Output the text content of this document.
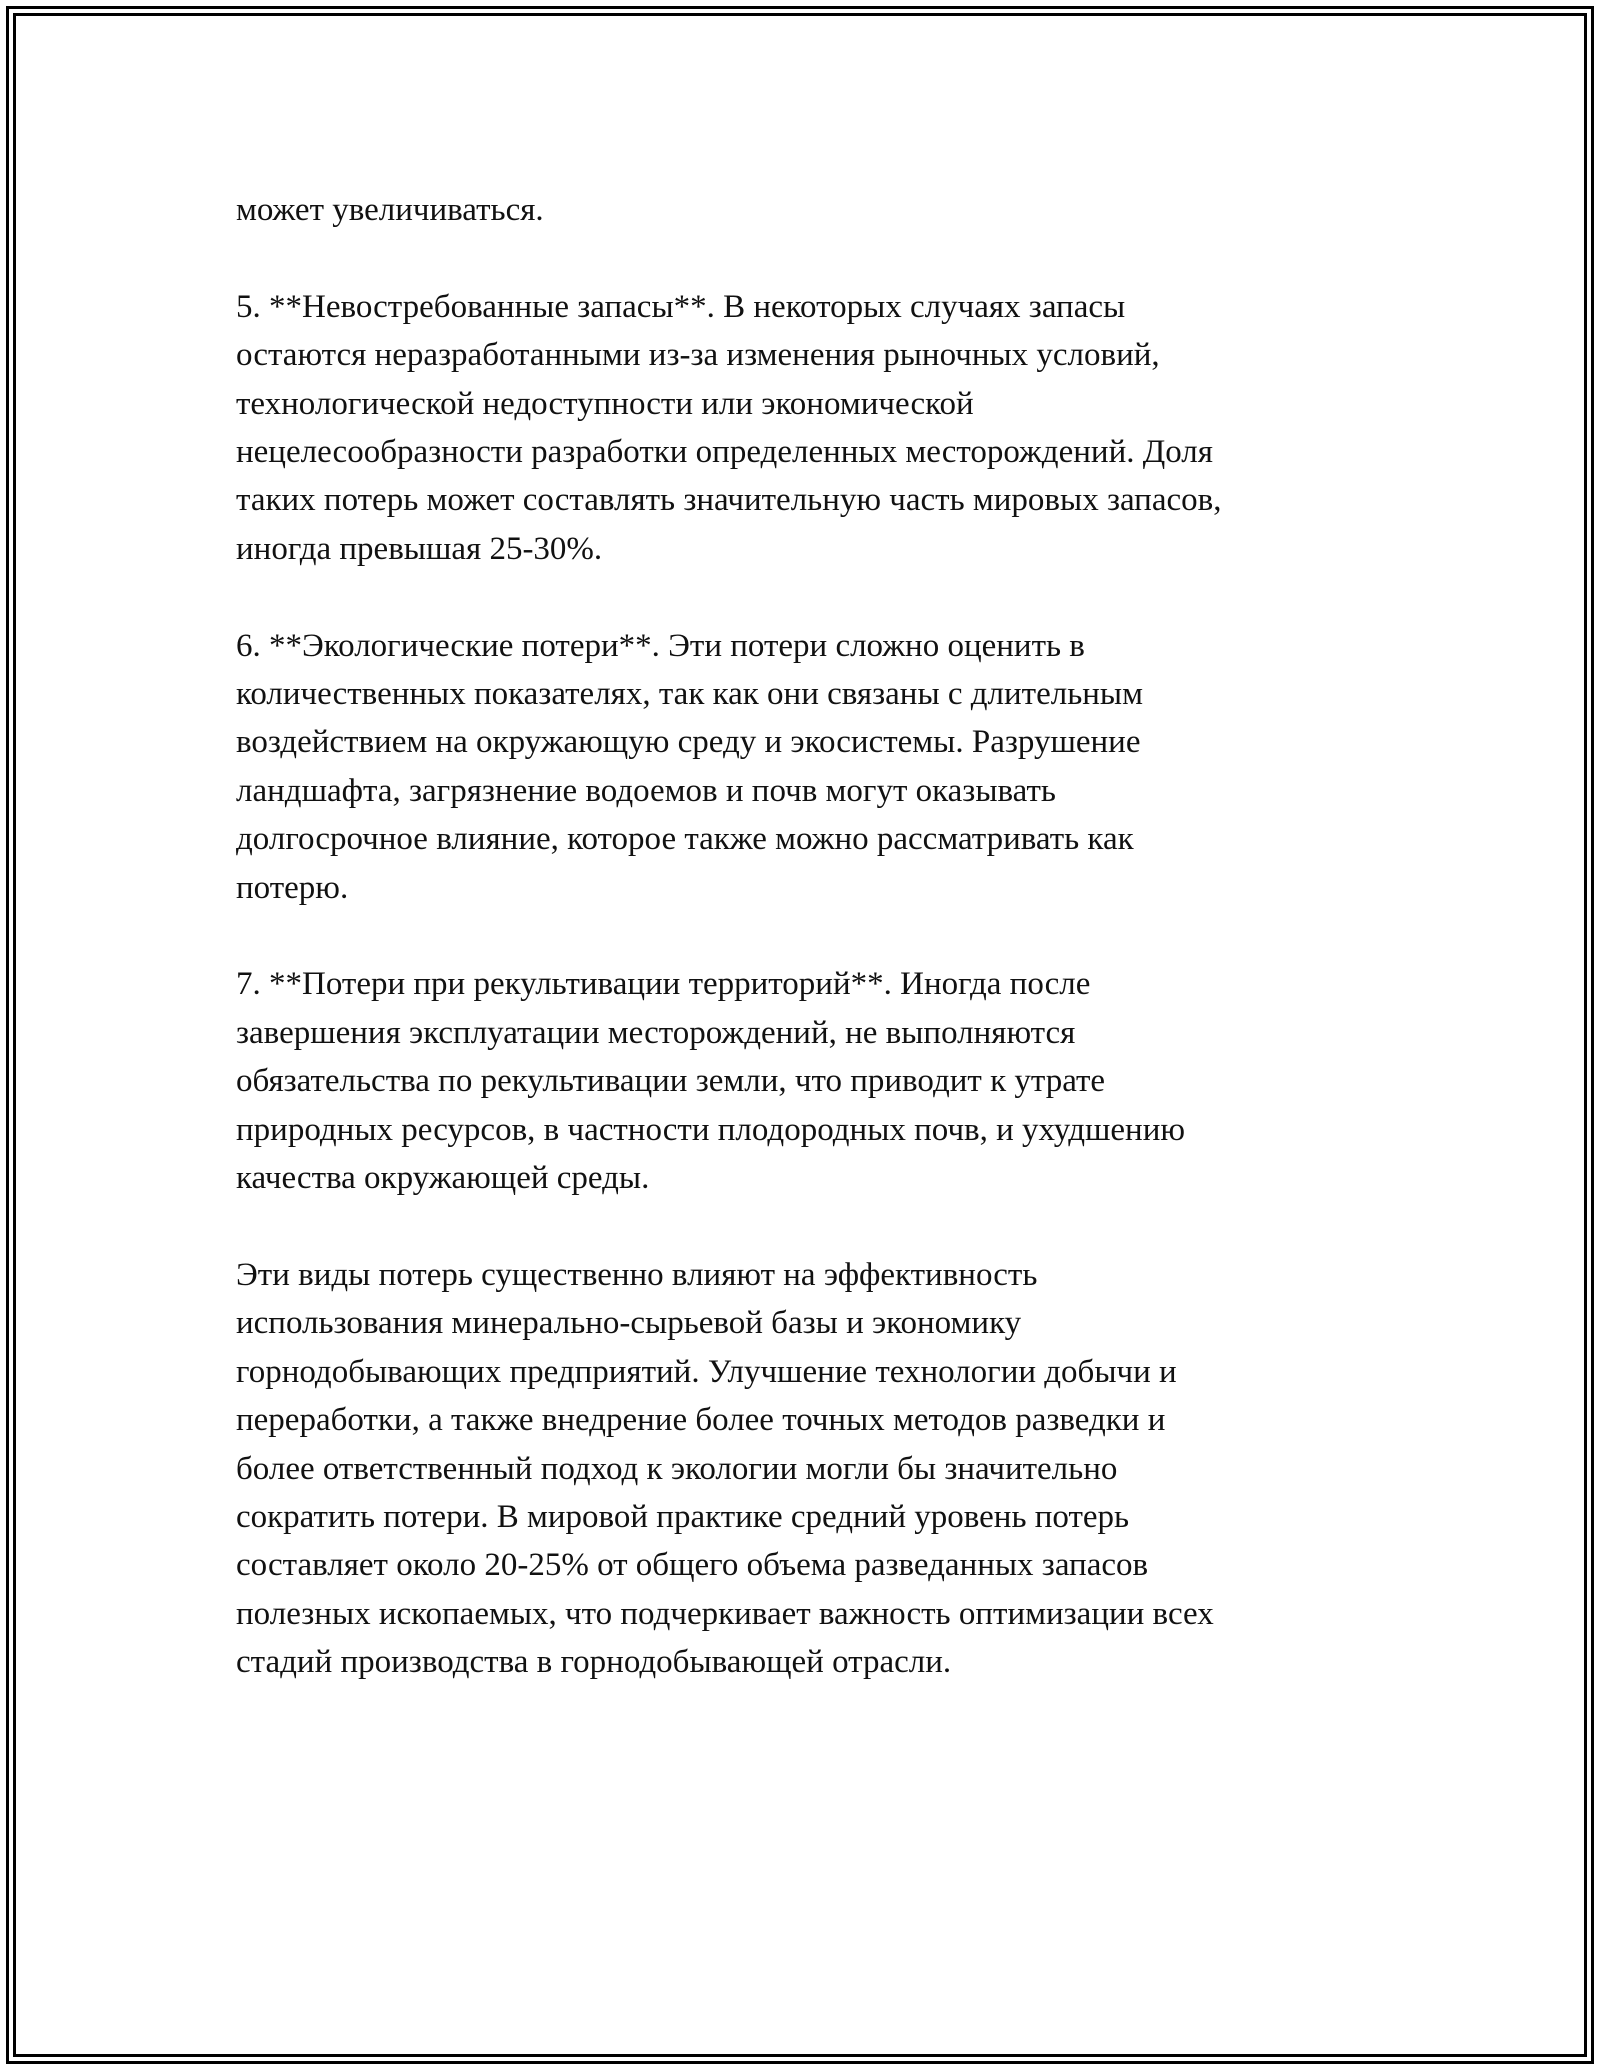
может увеличиваться.

5. **Невостребованные запасы**. В некоторых случаях запасы
остаются неразработанными из-за изменения рыночных условий,
технологической недоступности или экономической
нецелесообразности разработки определенных месторождений. Доля
таких потерь может составлять значительную часть мировых запасов,
иногда превышая 25-30%.

6. **Экологические потери**. Эти потери сложно оценить в
количественных показателях, так как они связаны с длительным
воздействием на окружающую среду и экосистемы. Разрушение
ландшафта, загрязнение водоемов и почв могут оказывать
долгосрочное влияние, которое также можно рассматривать как
потерю.

7. **Потери при рекультивации территорий**. Иногда после
завершения эксплуатации месторождений, не выполняются
обязательства по рекультивации земли, что приводит к утрате
природных ресурсов, в частности плодородных почв, и ухудшению
качества окружающей среды.

Эти виды потерь существенно влияют на эффективность
использования минерально-сырьевой базы и экономику
горнодобывающих предприятий. Улучшение технологии добычи и
переработки, а также внедрение более точных методов разведки и
более ответственный подход к экологии могли бы значительно
сократить потери. В мировой практике средний уровень потерь
составляет около 20-25% от общего объема разведанных запасов
полезных ископаемых, что подчеркивает важность оптимизации всех
стадий производства в горнодобывающей отрасли.
